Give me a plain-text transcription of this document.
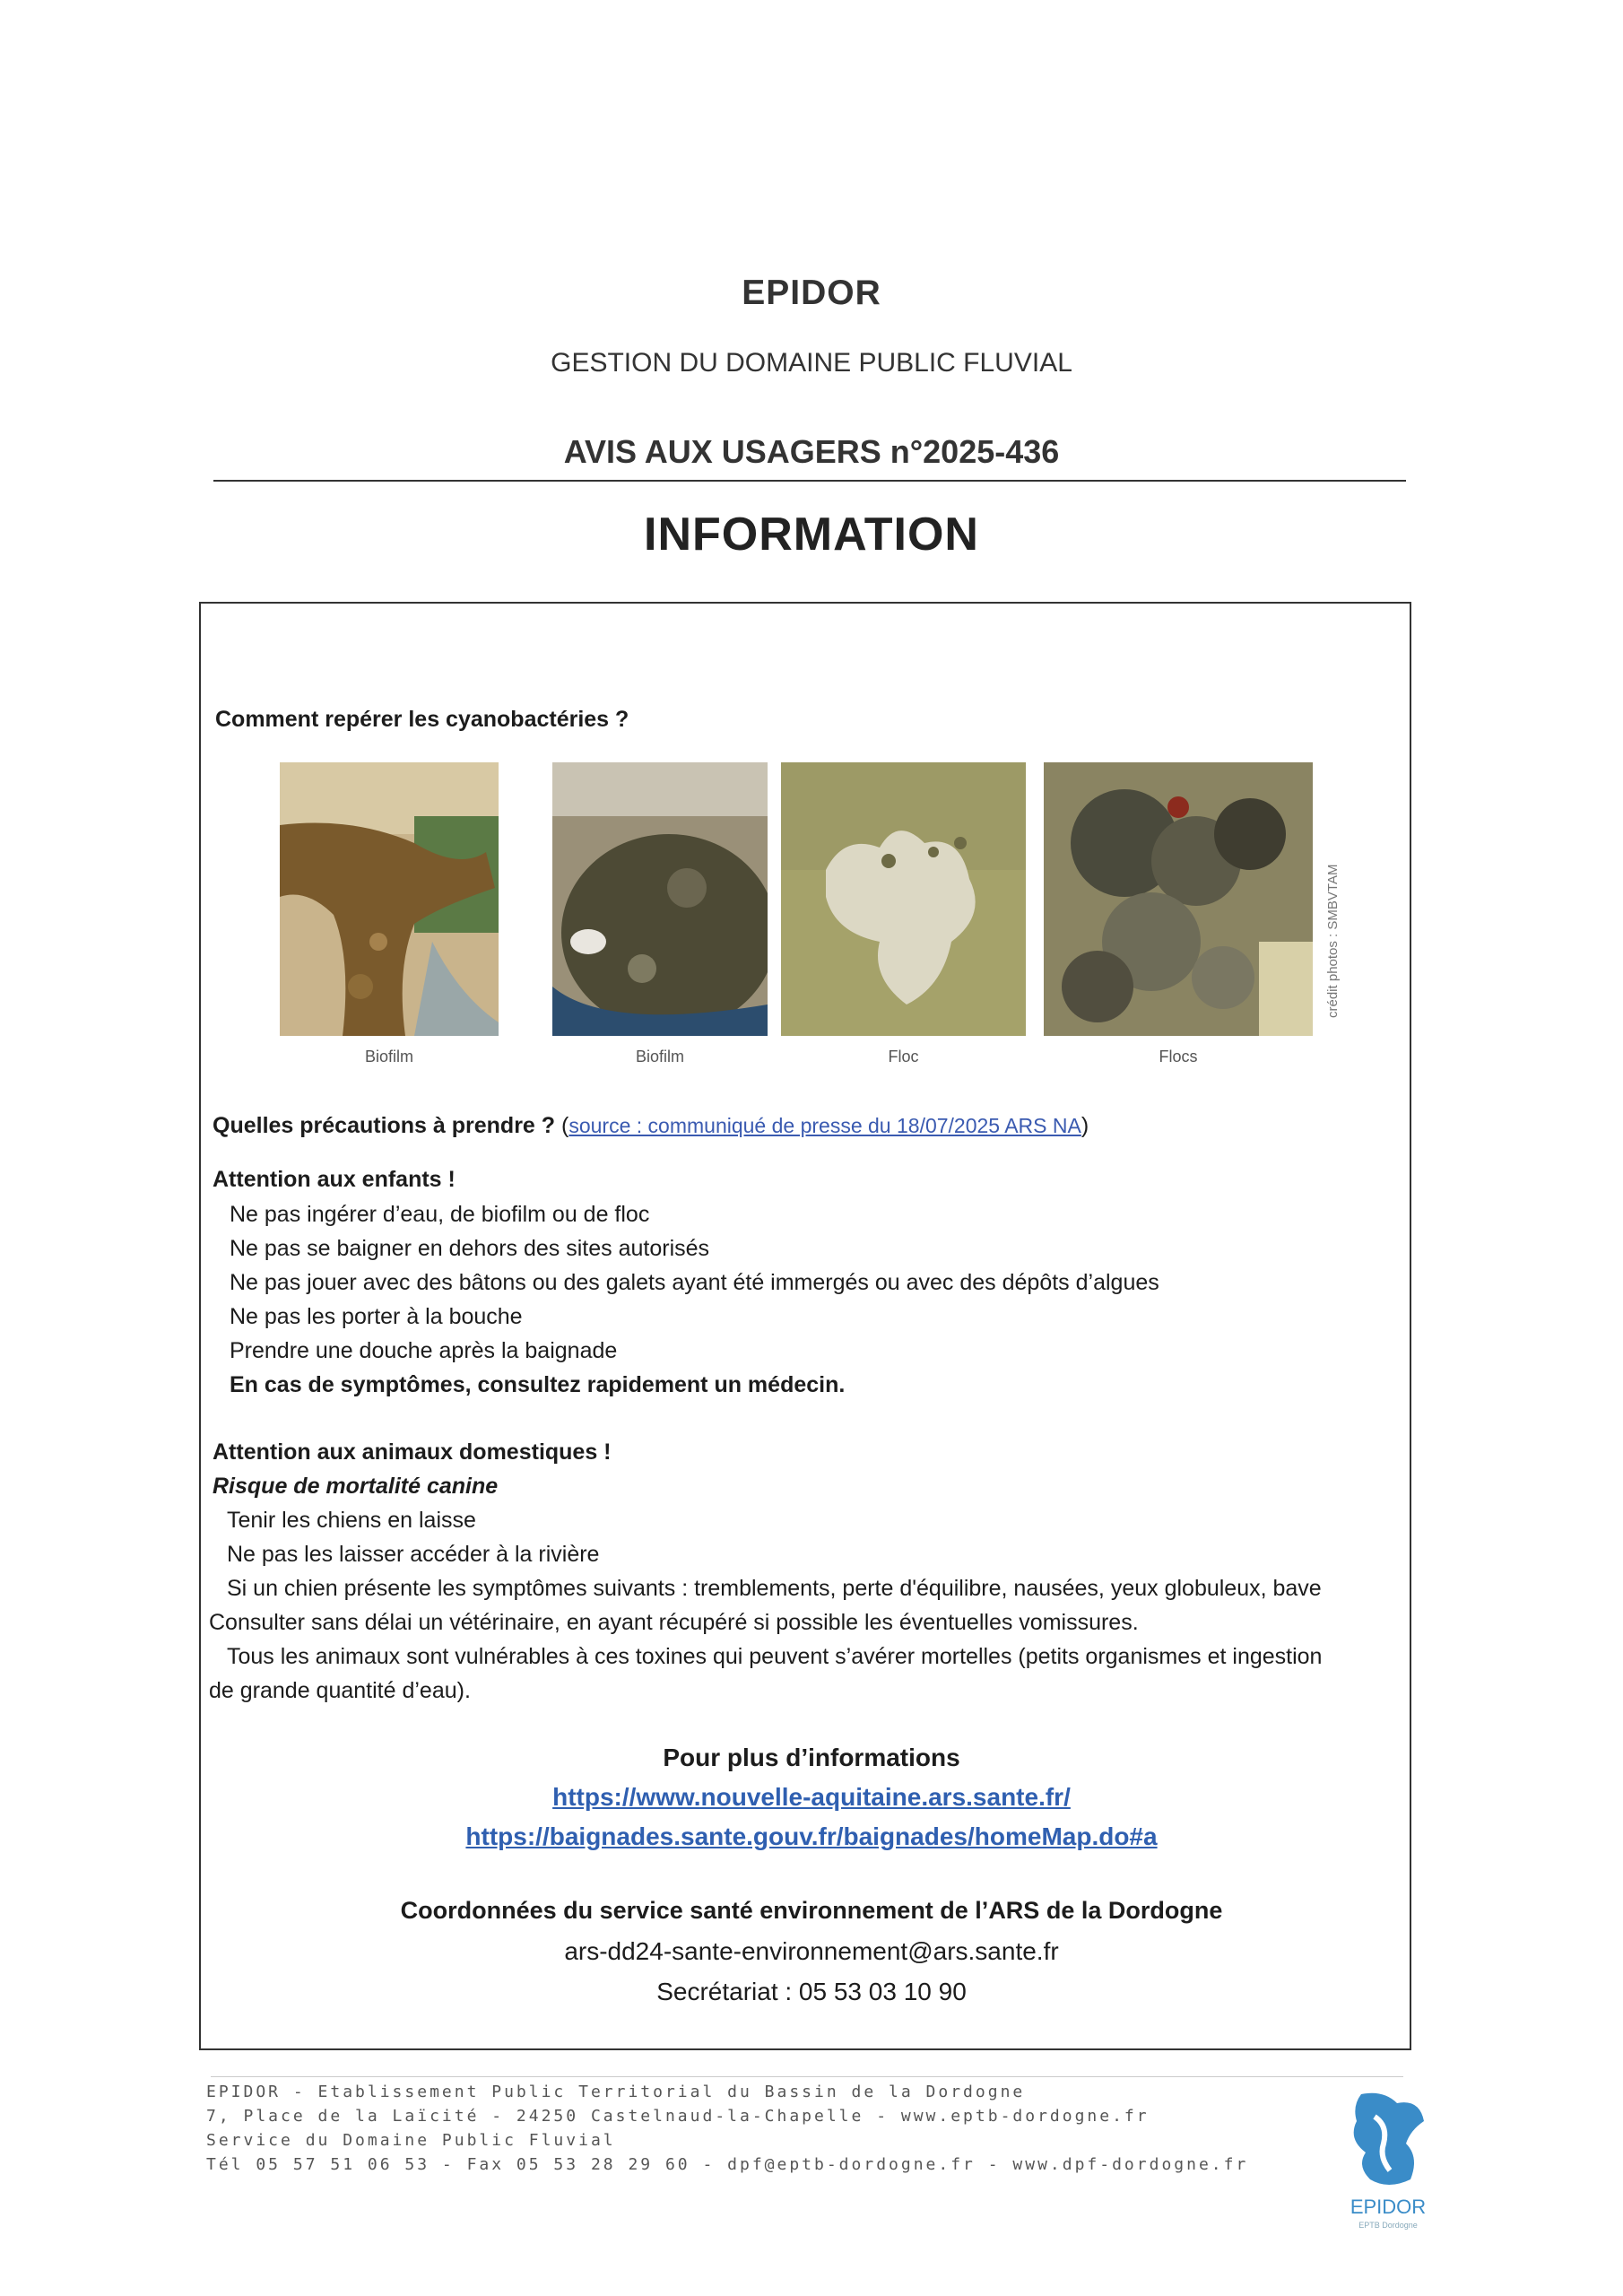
EPIDOR
GESTION DU DOMAINE PUBLIC FLUVIAL
AVIS AUX USAGERS n°2025-436
INFORMATION
Comment repérer les cyanobactéries ?
crédit photos : SMBVTAM
Biofilm	Biofilm	Floc	Flocs
Quelles précautions à prendre ? (source : communiqué de presse du 18/07/2025 ARS NA)
Attention aux enfants !
Ne pas ingérer d’eau, de biofilm ou de floc
Ne pas se baigner en dehors des sites autorisés
Ne pas jouer avec des bâtons ou des galets ayant été immergés ou avec des dépôts d’algues
Ne pas les porter à la bouche
Prendre une douche après la baignade
En cas de symptômes, consultez rapidement un médecin.
Attention aux animaux domestiques !
Risque de mortalité canine
Tenir les chiens en laisse
Ne pas les laisser accéder à la rivière
Si un chien présente les symptômes suivants : tremblements, perte d'équilibre, nausées, yeux globuleux, bave
Consulter sans délai un vétérinaire, en ayant récupéré si possible les éventuelles vomissures.
Tous les animaux sont vulnérables à ces toxines qui peuvent s’avérer mortelles (petits organismes et ingestion
de grande quantité d’eau).
Pour plus d’informations
https://www.nouvelle-aquitaine.ars.sante.fr/
https://baignades.sante.gouv.fr/baignades/homeMap.do#a
Coordonnées du service santé environnement de l’ARS de la Dordogne
ars-dd24-sante-environnement@ars.sante.fr
Secrétariat : 05 53 03 10 90
EPIDOR - Etablissement Public Territorial du Bassin de la Dordogne
7, Place de la Laïcité - 24250 Castelnaud-la-Chapelle - www.eptb-dordogne.fr
Service du Domaine Public Fluvial
Tél 05 57 51 06 53 - Fax 05 53 28 29 60 - dpf@eptb-dordogne.fr - www.dpf-dordogne.fr
EPIDOR
EPTB Dordogne
